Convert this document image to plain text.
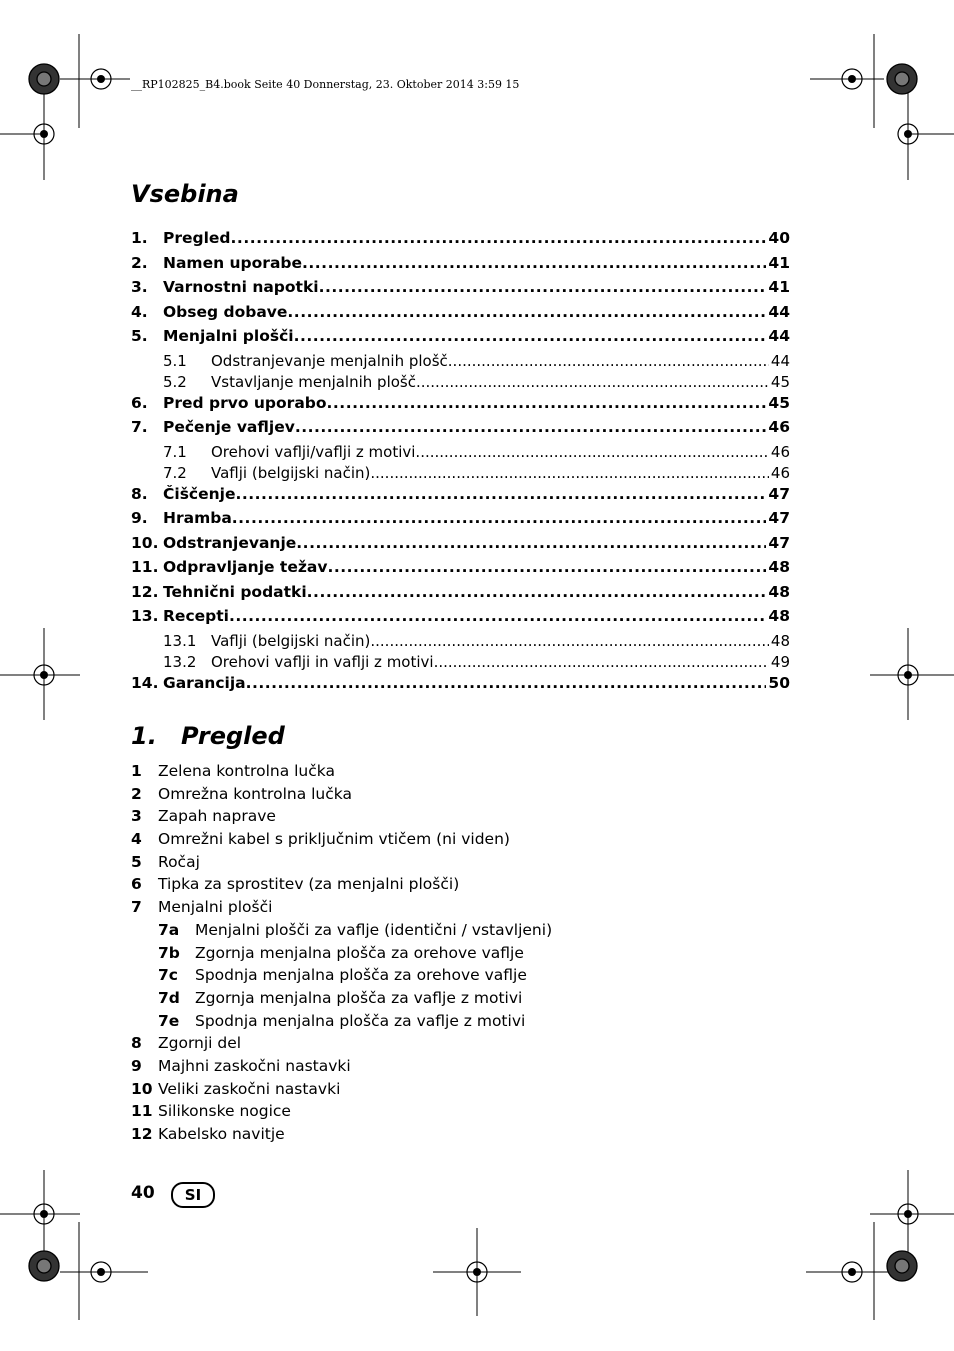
__RP102825_B4.book Seite 40 Donnerstag, 23. Oktober 2014 3:59 15
Vsebina
1. Pregled .....	40
2. Namen uporabe .....	41
3. Varnostni napotki .....	41
4. Obseg dobave .....	44
5. Menjalni plošči .....	44
5.1	Odstranjevanje menjalnih plošč .....	44
5.2	Vstavljanje menjalnih plošč .....	45
6. Pred prvo uporabo .....	45
7. Pečenje vafljev .....	46
7.1	Orehovi vaflji/vaflji z motivi .....	46
7.2	Vaflji (belgijski način) .....	46
8. Čiščenje .....	47
9. Hramba .....	47
10. Odstranjevanje .....	47
11. Odpravljanje težav .....	48
12. Tehnični podatki .....	48
13. Recepti .....	48
13.1 Vaflji (belgijski način) .....	48
13.2 Orehovi vaflji in vaflji z motivi .....	49
14. Garancija .....	50
1. Pregled
1 Zelena kontrolna lučka
2 Omrežna kontrolna lučka
3 Zapah naprave
4 Omrežni kabel s priključnim vtičem (ni viden)
5 Ročaj
6 Tipka za sprostitev (za menjalni plošči)
7 Menjalni plošči
7a Menjalni plošči za vaflje (identični / vstavljeni)
7b Zgornja menjalna plošča za orehove vaflje
7c Spodnja menjalna plošča za orehove vaflje
7d Zgornja menjalna plošča za vaflje z motivi
7e Spodnja menjalna plošča za vaflje z motivi
8 Zgornji del
9 Majhni zaskočni nastavki
10 Veliki zaskočni nastavki
11 Silikonske nogice
12 Kabelsko navitje
40	SI
